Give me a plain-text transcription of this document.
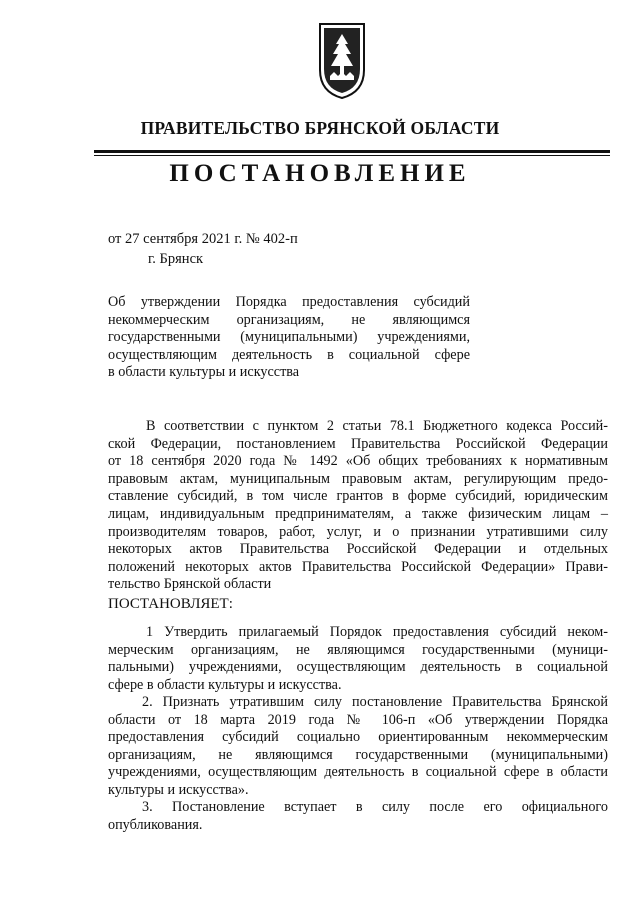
ПРАВИТЕЛЬСТВО БРЯНСКОЙ ОБЛАСТИ
ПОСТАНОВЛЕНИЕ
от 27 сентября 2021 г. № 402-п
г. Брянск
Об утверждении Порядка предоставления субсидий
некоммерческим организациям, не являющимся
государственными (муниципальными) учреждениями,
осуществляющим деятельность в социальной сфере
в области культуры и искусства
В соответствии с пунктом 2 статьи 78.1 Бюджетного кодекса Россий-
ской Федерации, постановлением Правительства Российской Федерации
от 18 сентября 2020 года № 1492 «Об общих требованиях к нормативным
правовым актам, муниципальным правовым актам, регулирующим предо-
ставление субсидий, в том числе грантов в форме субсидий, юридическим
лицам, индивидуальным предпринимателям, а также физическим лицам –
производителям товаров, работ, услуг, и о признании утратившими силу
некоторых актов Правительства Российской Федерации и отдельных
положений некоторых актов Правительства Российской Федерации» Прави-
тельство Брянской области
ПОСТАНОВЛЯЕТ:
1 Утвердить прилагаемый Порядок предоставления субсидий неком-
мерческим организациям, не являющимся государственными (муници-
пальными) учреждениями, осуществляющим деятельность в социальной
сфере в области культуры и искусства.
2. Признать утратившим силу постановление Правительства Брянской
области от 18 марта 2019 года № 106-п «Об утверждении Порядка
предоставления субсидий социально ориентированным некоммерческим
организациям, не являющимся государственными (муниципальными)
учреждениями, осуществляющим деятельность в социальной сфере в области
культуры и искусства».
3. Постановление вступает в силу после его официального
опубликования.
